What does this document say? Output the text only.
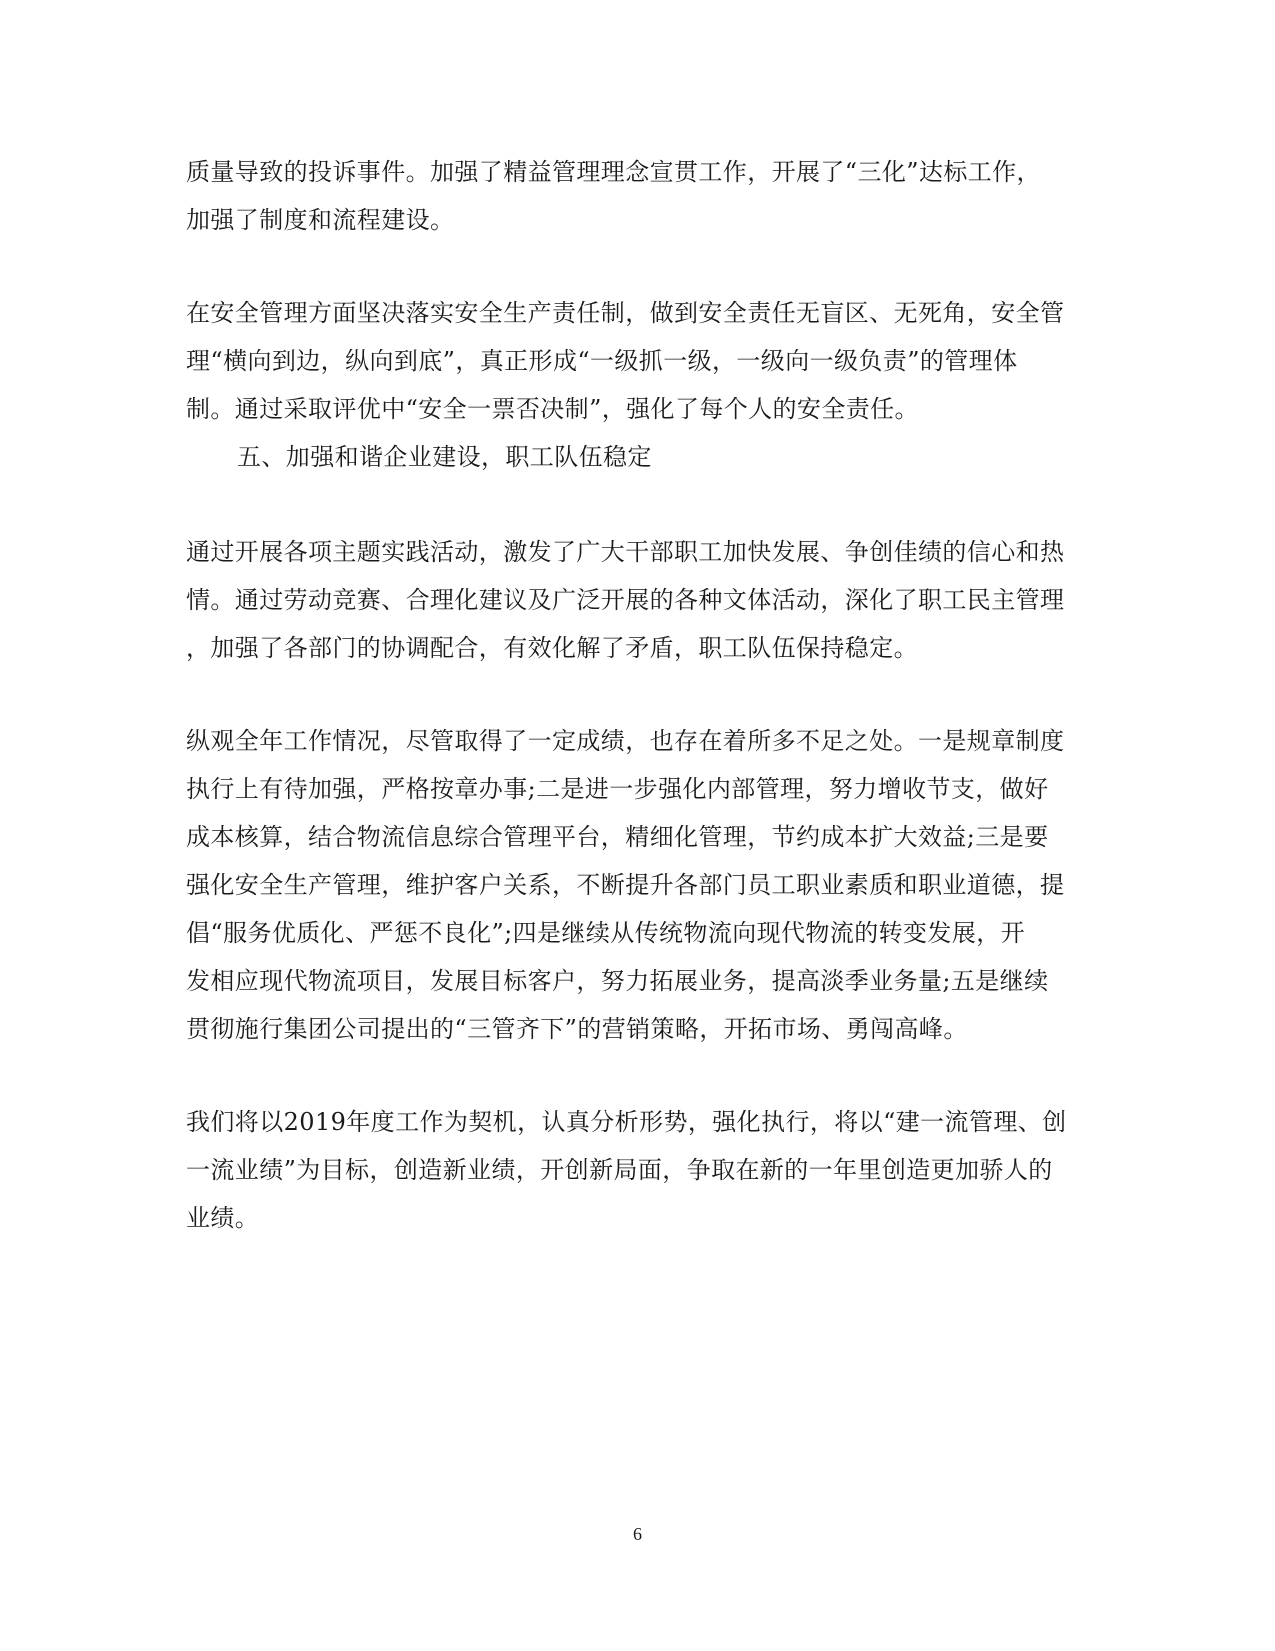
质量导致的投诉事件。加强了精益管理理念宣贯工作，开展了“三化”达标工作，
加强了制度和流程建设。
在安全管理方面坚决落实安全生产责任制，做到安全责任无盲区、无死角，安全管
理“横向到边，纵向到底”，真正形成“一级抓一级，一级向一级负责”的管理体
制。通过采取评优中“安全一票否决制”，强化了每个人的安全责任。
五、加强和谐企业建设，职工队伍稳定
通过开展各项主题实践活动，激发了广大干部职工加快发展、争创佳绩的信心和热
情。通过劳动竞赛、合理化建议及广泛开展的各种文体活动，深化了职工民主管理
，加强了各部门的协调配合，有效化解了矛盾，职工队伍保持稳定。
纵观全年工作情况，尽管取得了一定成绩，也存在着所多不足之处。一是规章制度
执行上有待加强，严格按章办事;二是进一步强化内部管理，努力增收节支，做好
成本核算，结合物流信息综合管理平台，精细化管理，节约成本扩大效益;三是要
强化安全生产管理，维护客户关系，不断提升各部门员工职业素质和职业道德，提
倡“服务优质化、严惩不良化”;四是继续从传统物流向现代物流的转变发展，开
发相应现代物流项目，发展目标客户，努力拓展业务，提高淡季业务量;五是继续
贯彻施行集团公司提出的“三管齐下”的营销策略，开拓市场、勇闯高峰。
我们将以2019年度工作为契机，认真分析形势，强化执行，将以“建一流管理、创
一流业绩”为目标，创造新业绩，开创新局面，争取在新的一年里创造更加骄人的
业绩。
6
